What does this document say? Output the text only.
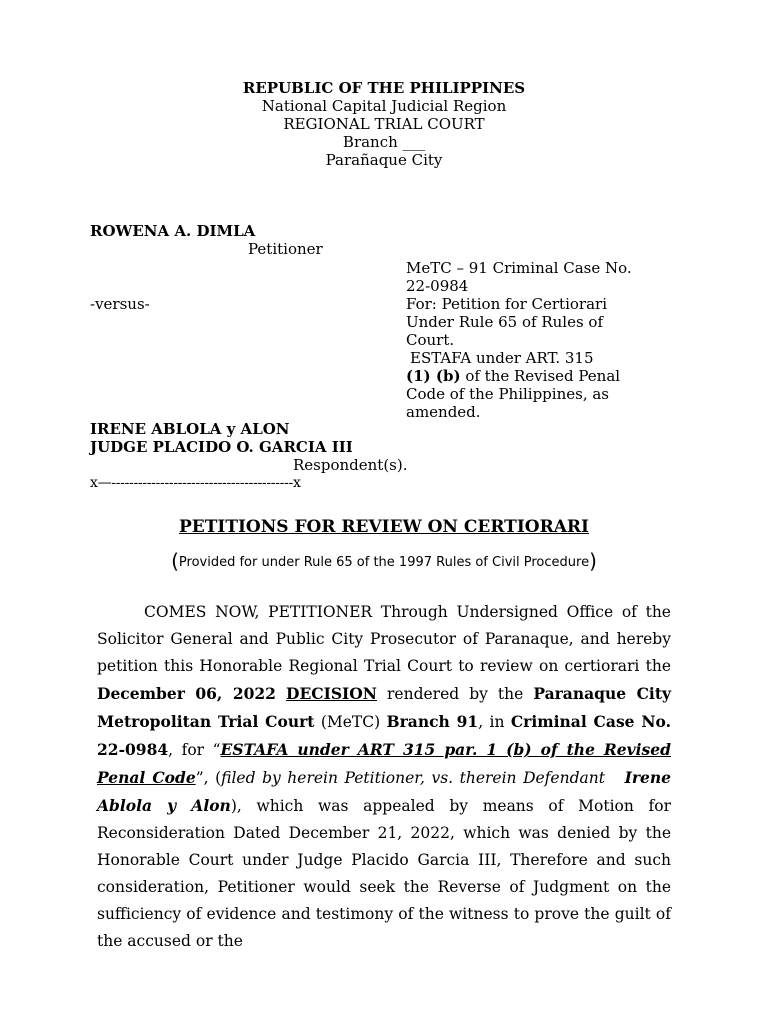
REPUBLIC OF THE PHILIPPINES
National Capital Judicial Region
REGIONAL TRIAL COURT
Branch ___
Parañaque City
ROWENA A. DIMLA
Petitioner
-versus-
IRENE ABLOLA y ALON
JUDGE PLACIDO O. GARCIA III
Respondent(s).
x—-----------------------------------------x
MeTC – 91 Criminal Case No.
22-0984
For: Petition for Certiorari
Under Rule 65 of Rules of
Court.
ESTAFA under ART. 315
(1) (b) of the Revised Penal
Code of the Philippines, as
amended.
PETITIONS FOR REVIEW ON CERTIORARI
(Provided for under Rule 65 of the 1997 Rules of Civil Procedure)
COMES NOW, PETITIONER Through Undersigned Office of the Solicitor General and Public City Prosecutor of Paranaque, and hereby petition this Honorable Regional Trial Court to review on certiorari the December 06, 2022 DECISION rendered by the Paranaque City Metropolitan Trial Court (MeTC) Branch 91, in Criminal Case No. 22-0984, for “ESTAFA under ART 315 par. 1 (b) of the Revised Penal Code”, (filed by herein Petitioner, vs. therein Defendant Irene Ablola y Alon), which was appealed by means of Motion for Reconsideration Dated December 21, 2022, which was denied by the Honorable Court under Judge Placido Garcia III, Therefore and such consideration, Petitioner would seek the Reverse of Judgment on the sufficiency of evidence and testimony of the witness to prove the guilt of the accused or the
